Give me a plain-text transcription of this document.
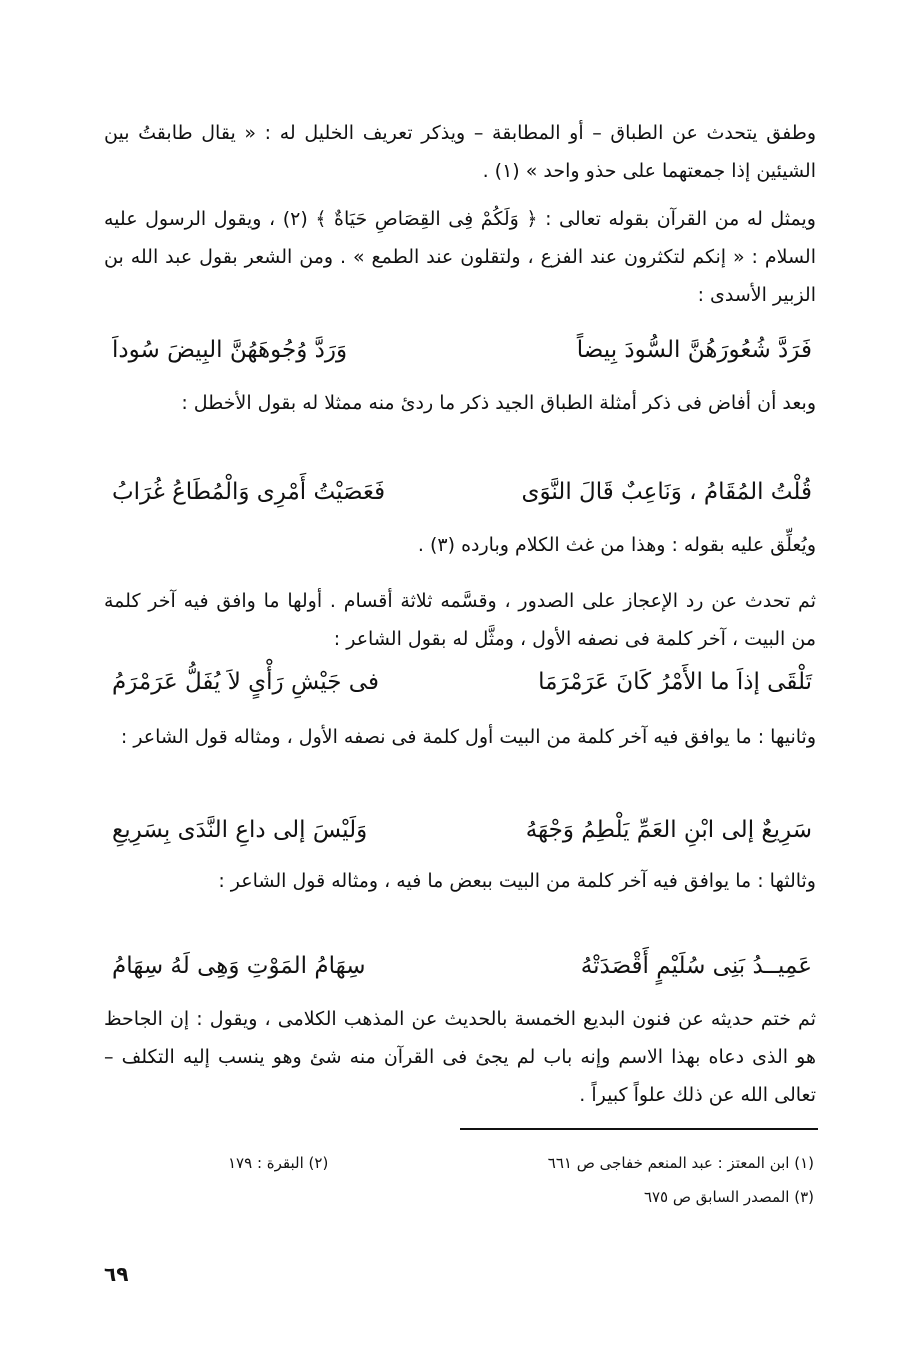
وطفق يتحدث عن الطباق – أو المطابقة – ويذكر تعريف الخليل له : « يقال طابقتُ بين الشيئين إذا جمعتهما على حذو واحد » (١) .
ويمثل له من القرآن بقوله تعالى : ﴿ وَلَكُمْ فِى القِصَاصِ حَيَاةٌ ﴾ (٢) ، ويقول الرسول عليه السلام : « إنكم لتكثرون عند الفزع ، ولتقلون عند الطمع » . ومن الشعر بقول عبد الله بن الزبير الأسدى :
فَرَدَّ شُعُورَهُنَّ السُّودَ بِيضاً
وَرَدَّ وُجُوهَهُنَّ البِيضَ سُوداَ
وبعد أن أفاض فى ذكر أمثلة الطباق الجيد ذكر ما ردئ منه ممثلا له بقول الأخطل :
قُلْتُ المُقَامُ ، وَنَاعِبٌ قَالَ النَّوَى
فَعَصَيْتُ أَمْرِى وَالْمُطَاعُ غُرَابُ
ويُعلِّق عليه بقوله : وهذا من غث الكلام وبارده (٣) .
ثم تحدث عن رد الإعجاز على الصدور ، وقسَّمه ثلاثة أقسام . أولها ما وافق فيه آخر كلمة من البيت ، آخر كلمة فى نصفه الأول ، ومثَّل له بقول الشاعر :
تَلْقَى إذاَ ما الأَمْرُ كَانَ عَرَمْرَمَا
فى جَيْشِ رَأْىٍ لاَ يُفَلُّ عَرَمْرَمُ
وثانيها : ما يوافق فيه آخر كلمة من البيت أول كلمة فى نصفه الأول ، ومثاله قول الشاعر :
سَرِيعٌ إلى ابْنِ العَمِّ يَلْطِمُ وَجْهَهُ
وَلَيْسَ إلى داعِ النَّدَى بِسَرِيعِ
وثالثها : ما يوافق فيه آخر كلمة من البيت ببعض ما فيه ، ومثاله قول الشاعر :
عَمِيــدُ بَنِى سُلَيْمٍ أَقْصَدَتْهُ
سِهَامُ المَوْتِ وَهِى لَهُ سِهَامُ
ثم ختم حديثه عن فنون البديع الخمسة بالحديث عن المذهب الكلامى ، ويقول : إن الجاحظ هو الذى دعاه بهذا الاسم وإنه باب لم يجئ فى القرآن منه شئ وهو ينسب إليه التكلف – تعالى الله عن ذلك علواً كبيراً .
(١) ابن المعتز : عبد المنعم خفاجى ص ٦٦١
(٢) البقرة : ١٧٩
(٣) المصدر السابق ص ٦٧٥
٦٩
